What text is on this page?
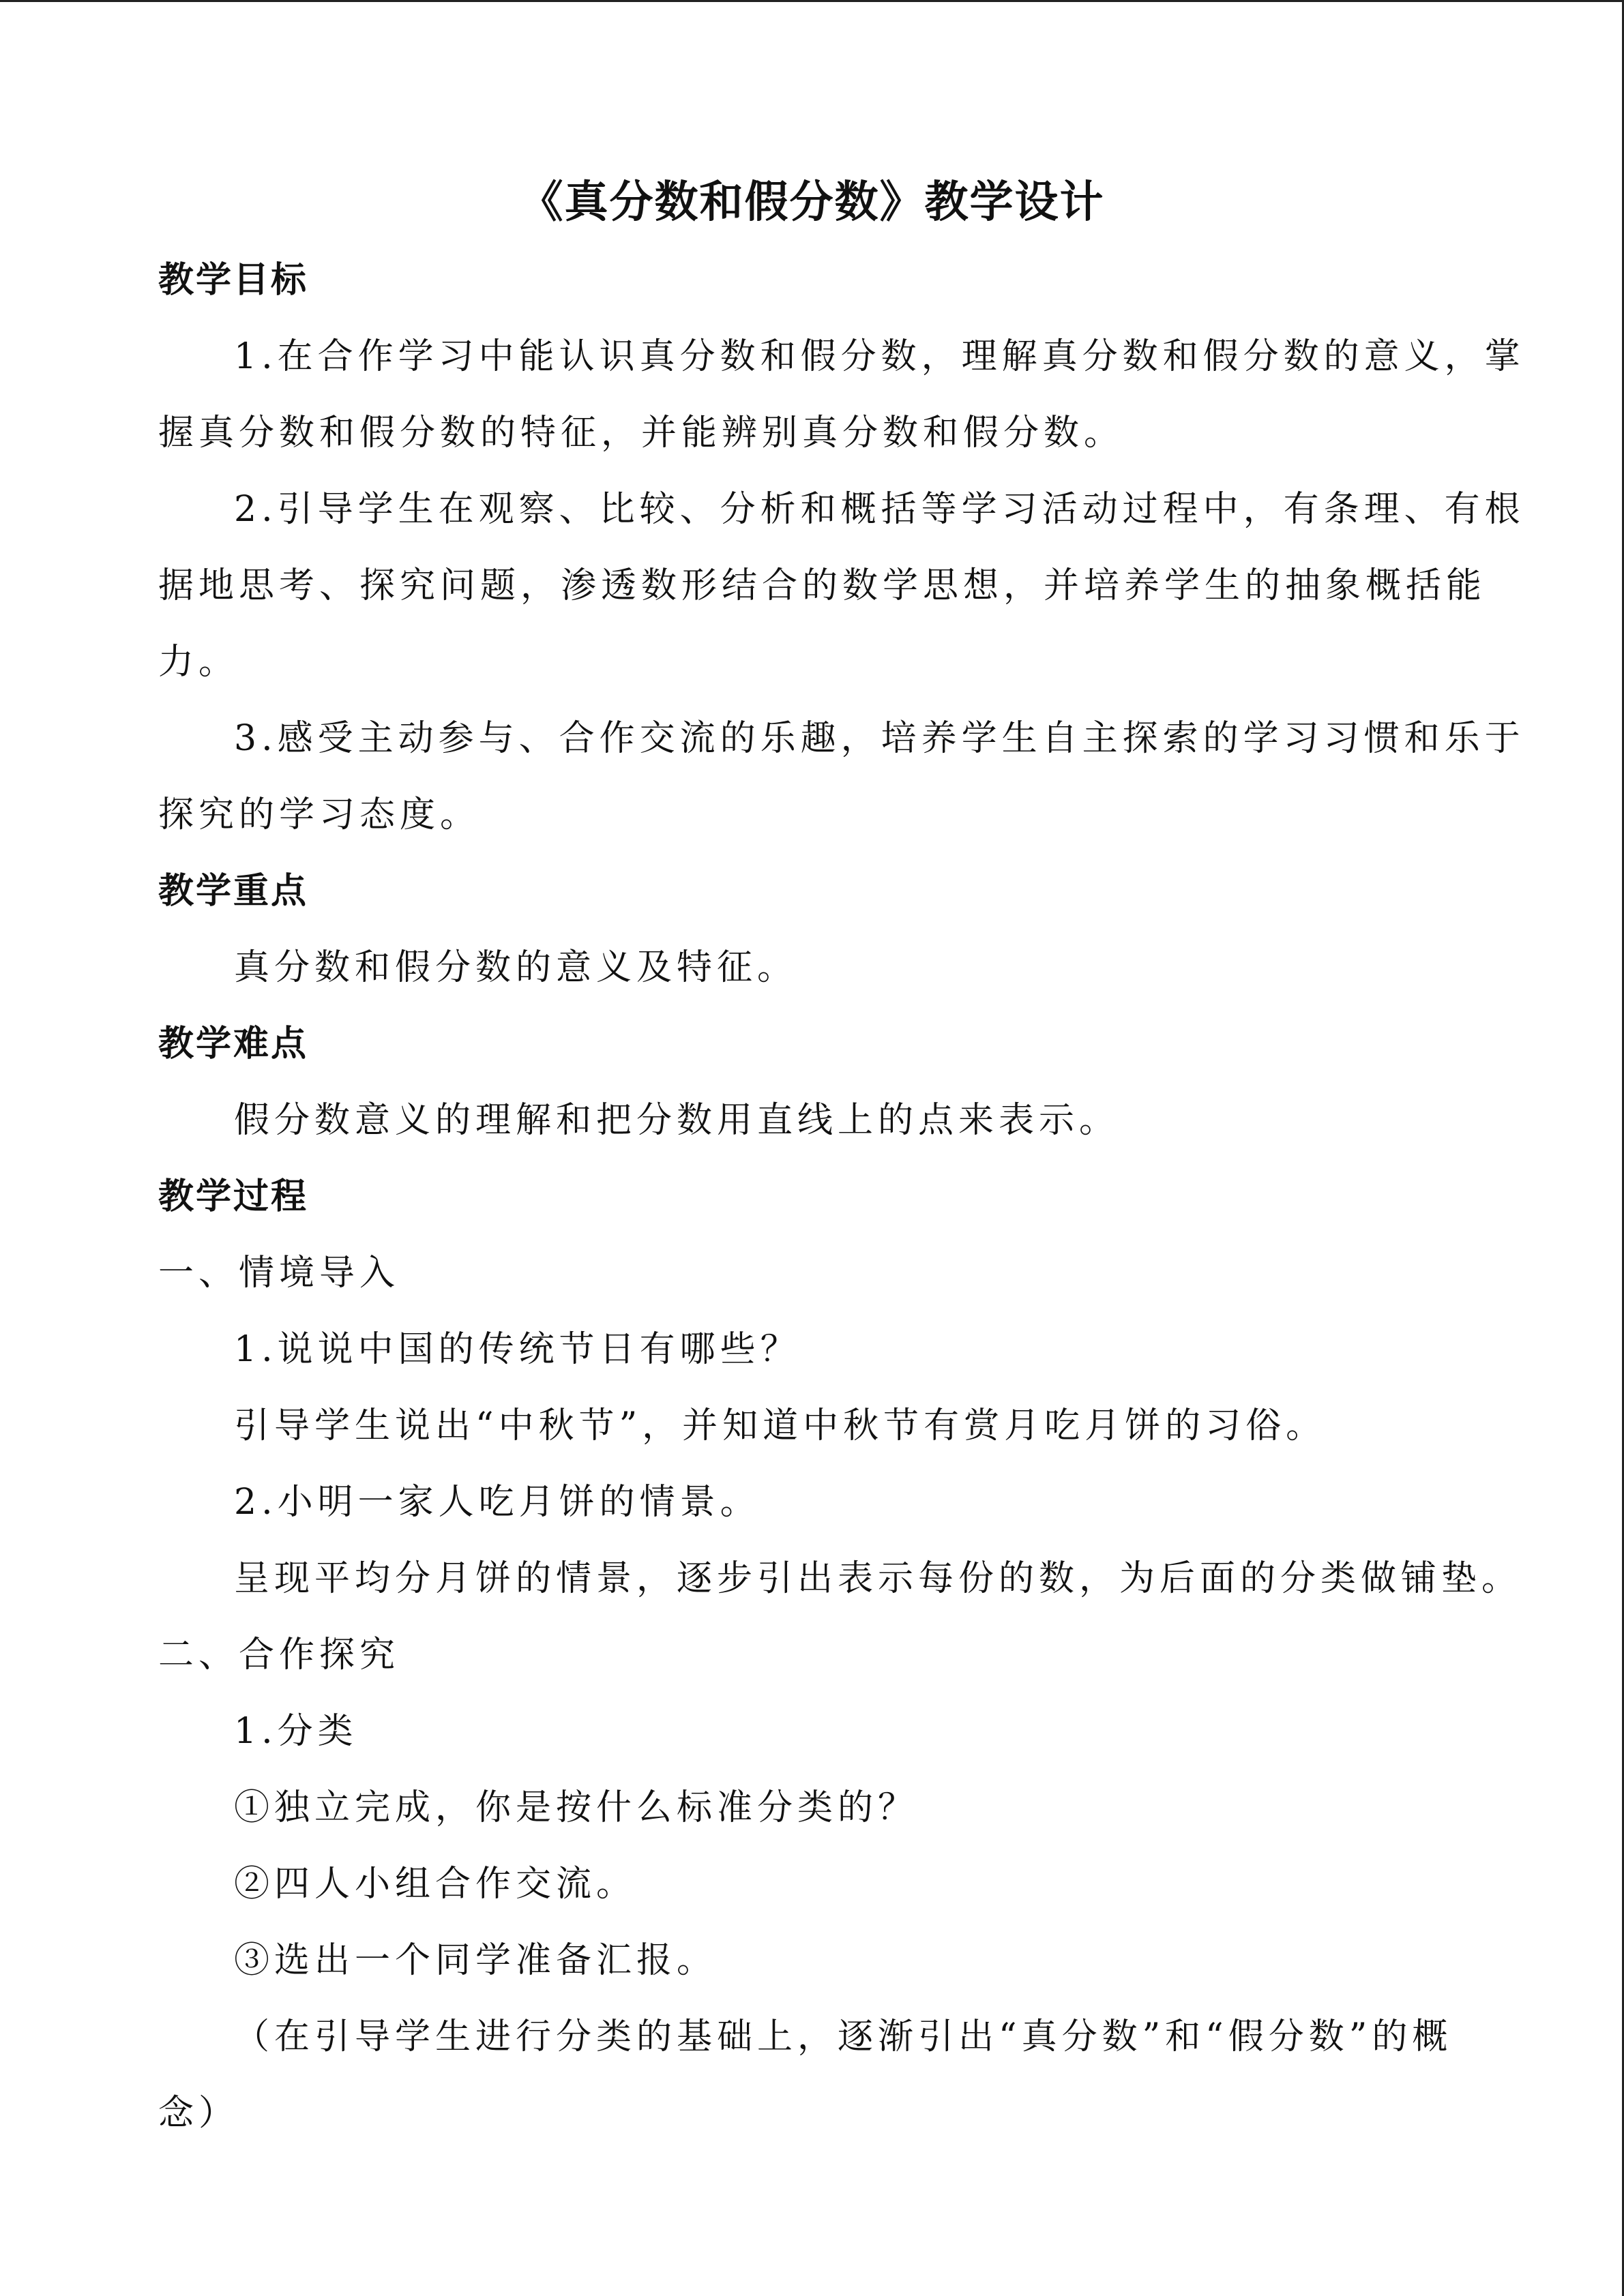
《真分数和假分数》教学设计
教学目标
1.在合作学习中能认识真分数和假分数，理解真分数和假分数的意义，掌
握真分数和假分数的特征，并能辨别真分数和假分数。
2.引导学生在观察、比较、分析和概括等学习活动过程中，有条理、有根
据地思考、探究问题，渗透数形结合的数学思想，并培养学生的抽象概括能
力。
3.感受主动参与、合作交流的乐趣，培养学生自主探索的学习习惯和乐于
探究的学习态度。
教学重点
真分数和假分数的意义及特征。
教学难点
假分数意义的理解和把分数用直线上的点来表示。
教学过程
一、情境导入
1.说说中国的传统节日有哪些？
引导学生说出“中秋节”，并知道中秋节有赏月吃月饼的习俗。
2.小明一家人吃月饼的情景。
呈现平均分月饼的情景，逐步引出表示每份的数，为后面的分类做铺垫。
二、合作探究
1.分类
①独立完成，你是按什么标准分类的？
②四人小组合作交流。
③选出一个同学准备汇报。
（在引导学生进行分类的基础上，逐渐引出“真分数”和“假分数”的概
念）
